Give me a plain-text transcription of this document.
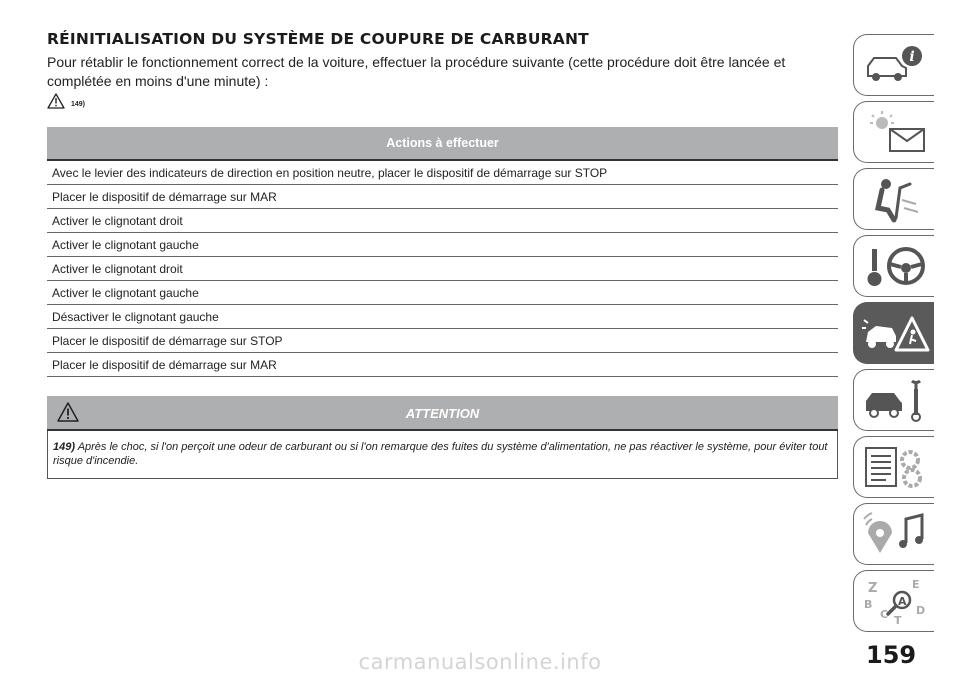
RÉINITIALISATION DU SYSTÈME DE COUPURE DE CARBURANT

Pour rétablir le fonctionnement correct de la voiture, effectuer la procédure suivante (cette procédure doit être lancée et complétée en moins d'une minute) :

149)
Actions à effectuer
Avec le levier des indicateurs de direction en position neutre, placer le dispositif de démarrage sur STOP
Placer le dispositif de démarrage sur MAR
Activer le clignotant droit
Activer le clignotant gauche
Activer le clignotant droit
Activer le clignotant gauche
Désactiver le clignotant gauche
Placer le dispositif de démarrage sur STOP
Placer le dispositif de démarrage sur MAR
ATTENTION
149) Après le choc, si l'on perçoit une odeur de carburant ou si l'on remarque des fuites du système d'alimentation, ne pas réactiver le système, pour éviter tout risque d'incendie.
i
Z	E
B
C	D
T
A
159
carmanualsonline.info
